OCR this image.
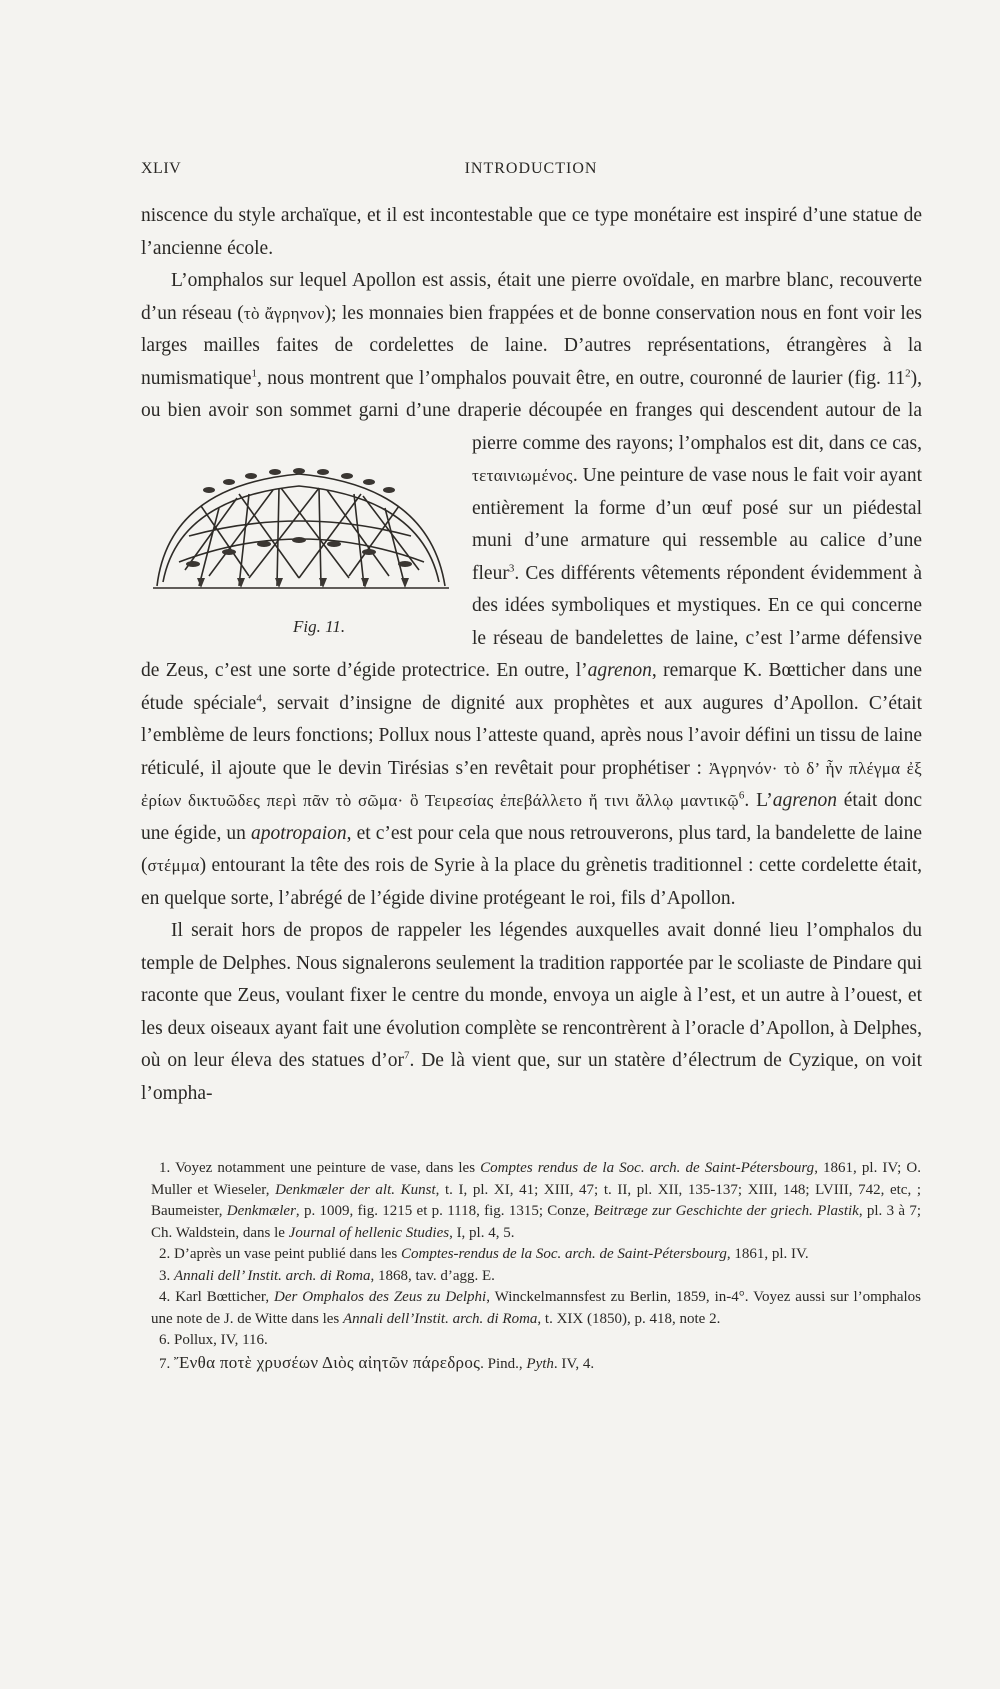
XLIV	INTRODUCTION

niscence du style archaïque, et il est incontestable que ce type monétaire est inspiré d’une statue de l’ancienne école.

L’omphalos sur lequel Apollon est assis, était une pierre ovoïdale, en marbre blanc, recouverte d’un réseau (τὸ ἄγρηνον); les monnaies bien frappées et de bonne conservation nous en font voir les larges mailles faites de cordelettes de laine. D’autres représentations, étrangères à la numismatique$^1$, nous montrent que l’omphalos pouvait être, en outre, couronné de laurier (fig. $11^2$), ou bien avoir son sommet garni d’une draperie découpée en franges qui descendent autour de la pierre comme des rayons; l’omphalos est dit, dans ce cas,
Fig. 11.
τεταινιωμένος. Une peinture de vase nous le fait voir ayant entièrement la forme d’un œuf posé sur un piédestal muni d’une armature qui ressemble au calice d’une fleur$^3$. Ces différents vêtements répondent évidemment à des idées symboliques et mystiques. En ce qui concerne le réseau de bandelettes de laine, c’est l’arme défensive de Zeus, c’est une sorte d’égide protectrice. En outre, l’agrenon, remarque K. Bœtticher dans une étude spéciale$^4$, servait d’insigne de dignité aux prophètes et aux augures d’Apollon. C’était l’emblème de leurs fonctions; Pollux nous l’atteste quand, après nous l’avoir défini un tissu de laine réticulé, il ajoute que le devin Tirésias s’en revêtait pour prophétiser : Ἀγρηνόν· τὸ δ’ ἦν πλέγμα ἐξ ἐρίων δικτυῶδες περὶ πᾶν τὸ σῶμα· ὃ Τειρεσίας ἐπεβάλλετο ἤ τινι ἄλλῳ μαντικῷ$^6$. L’agrenon était donc une égide, un apotropaion, et c’est pour cela que nous retrouverons, plus tard, la bandelette de laine (στέμμα) entourant la tête des rois de Syrie à la place du grènetis traditionnel : cette cordelette était, en quelque sorte, l’abrégé de l’égide divine protégeant le roi, fils d’Apollon.

Il serait hors de propos de rappeler les légendes auxquelles avait donné lieu l’omphalos du temple de Delphes. Nous signalerons seulement la tradition rapportée par le scoliaste de Pindare qui raconte que Zeus, voulant fixer le centre du monde, envoya un aigle à l’est, et un autre à l’ouest, et les deux oiseaux ayant fait une évolution complète se rencontrèrent à l’oracle d’Apollon, à Delphes, où on leur éleva des statues $d’or^7$. De là vient que, sur un statère d’électrum de Cyzique, on voit l’ompha-

1. Voyez notamment une peinture de vase, dans les Comptes rendus de la Soc. arch. de Saint-Pétersbourg, 1861, pl. IV; O. Muller et Wieseler, Denkmæler der alt. Kunst, t. I, pl. XI, 41; XIII, 47; t. II, pl. XII, 135-137; XIII, 148; LVIII, 742, etc, ; Baumeister, Denkmæler, p. 1009, fig. 1215 et p. 1118, fig. 1315; Conze, Beitræge zur Geschichte der griech. Plastik, pl. 3 à 7; Ch. Waldstein, dans le Journal of hellenic Studies, I, pl. 4, 5.

2. D’après un vase peint publié dans les Comptes-rendus de la Soc. arch. de Saint-Pétersbourg, 1861, pl. IV.

3. Annali dell’ Instit. arch. di Roma, 1868, tav. d’agg. E.

4. Karl Bœtticher, Der Omphalos des Zeus zu Delphi, Winckelmannsfest zu Berlin, 1859, in-4°. Voyez aussi sur l’omphalos une note de J. de Witte dans les Annali dell’Instit. arch. di Roma, t. XIX (1850), p. 418, note 2.

6. Pollux, IV, 116.

7. Ἔνθα ποτὲ χρυσέων Διὸς αἰητῶν πάρεδρος. Pind., Pyth. IV, 4.
